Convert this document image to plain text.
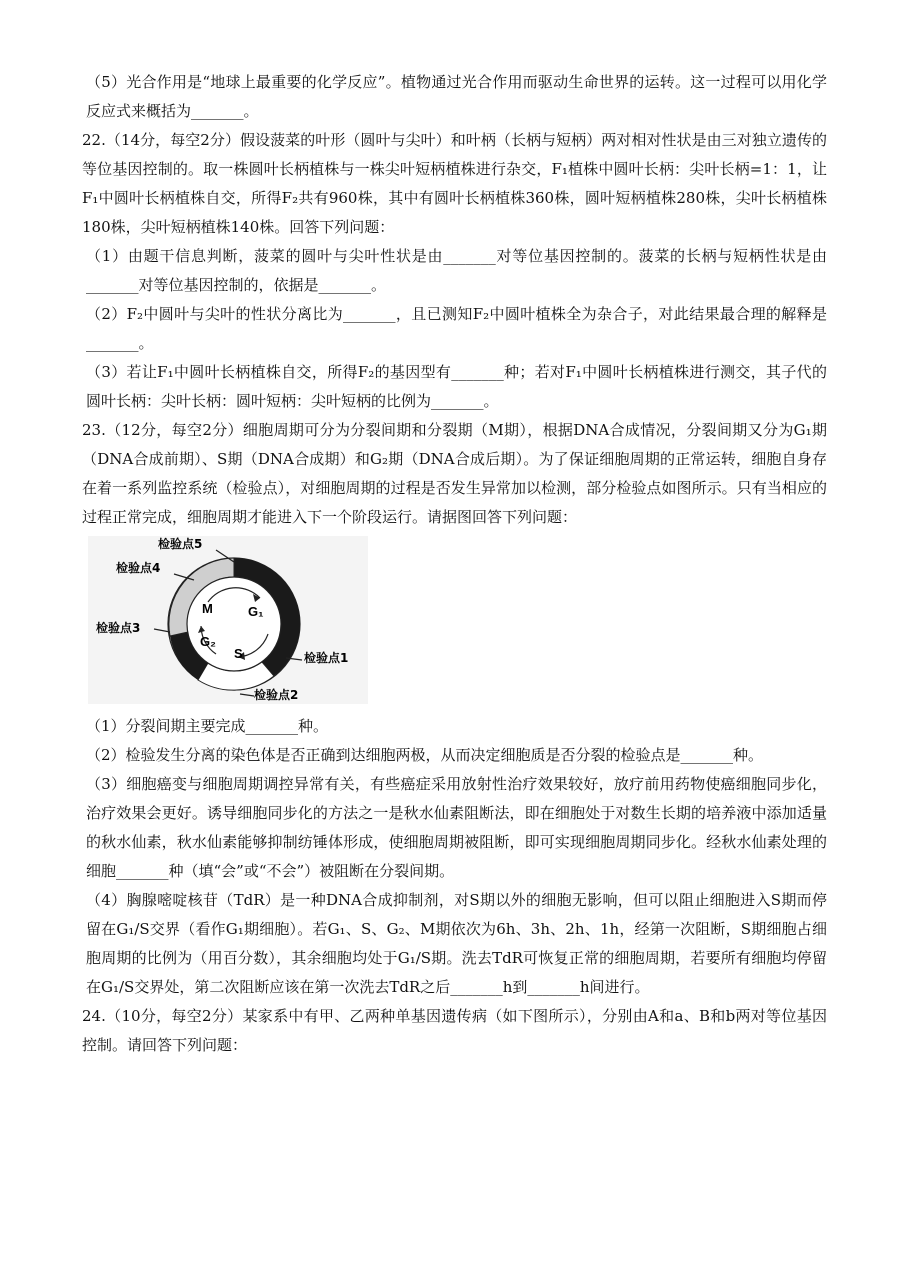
（5）光合作用是“地球上最重要的化学反应”。植物通过光合作用而驱动生命世界的运转。这一过程可以用化学反应式来概括为_______。

22.（14分，每空2分）假设菠菜的叶形（圆叶与尖叶）和叶柄（长柄与短柄）两对相对性状是由三对独立遗传的等位基因控制的。取一株圆叶长柄植株与一株尖叶短柄植株进行杂交，F₁植株中圆叶长柄：尖叶长柄=1：1，让F₁中圆叶长柄植株自交，所得F₂共有960株，其中有圆叶长柄植株360株，圆叶短柄植株280株，尖叶长柄植株180株，尖叶短柄植株140株。回答下列问题：

（1）由题干信息判断，菠菜的圆叶与尖叶性状是由_______对等位基因控制的。菠菜的长柄与短柄性状是由_______对等位基因控制的，依据是_______。

（2）F₂中圆叶与尖叶的性状分离比为_______，且已测知F₂中圆叶植株全为杂合子，对此结果最合理的解释是_______。

（3）若让F₁中圆叶长柄植株自交，所得F₂的基因型有_______种；若对F₁中圆叶长柄植株进行测交，其子代的圆叶长柄：尖叶长柄：圆叶短柄：尖叶短柄的比例为_______。

23.（12分，每空2分）细胞周期可分为分裂间期和分裂期（M期），根据DNA合成情况，分裂间期又分为G₁期（DNA合成前期）、S期（DNA合成期）和G₂期（DNA合成后期）。为了保证细胞周期的正常运转，细胞自身存在着一系列监控系统（检验点），对细胞周期的过程是否发生异常加以检测，部分检验点如图所示。只有当相应的过程正常完成，细胞周期才能进入下一个阶段运行。请据图回答下列问题：

M	G₁
G₂
S
检验点5
检验点4
检验点3
检验点1
检验点2

（1）分裂间期主要完成_______种。

（2）检验发生分离的染色体是否正确到达细胞两极，从而决定细胞质是否分裂的检验点是_______种。

（3）细胞癌变与细胞周期调控异常有关，有些癌症采用放射性治疗效果较好，放疗前用药物使癌细胞同步化，治疗效果会更好。诱导细胞同步化的方法之一是秋水仙素阻断法，即在细胞处于对数生长期的培养液中添加适量的秋水仙素，秋水仙素能够抑制纺锤体形成，使细胞周期被阻断，即可实现细胞周期同步化。经秋水仙素处理的细胞_______种（填“会”或“不会”）被阻断在分裂间期。

（4）胸腺嘧啶核苷（TdR）是一种DNA合成抑制剂，对S期以外的细胞无影响，但可以阻止细胞进入S期而停留在G₁/S交界（看作G₁期细胞）。若G₁、S、G₂、M期依次为6h、3h、2h、1h，经第一次阻断，S期细胞占细胞周期的比例为（用百分数），其余细胞均处于G₁/S期。洗去TdR可恢复正常的细胞周期，若要所有细胞均停留在G₁/S交界处，第二次阻断应该在第一次洗去TdR之后_______h到_______h间进行。

24.（10分，每空2分）某家系中有甲、乙两种单基因遗传病（如下图所示），分别由A和a、B和b两对等位基因控制。请回答下列问题：
